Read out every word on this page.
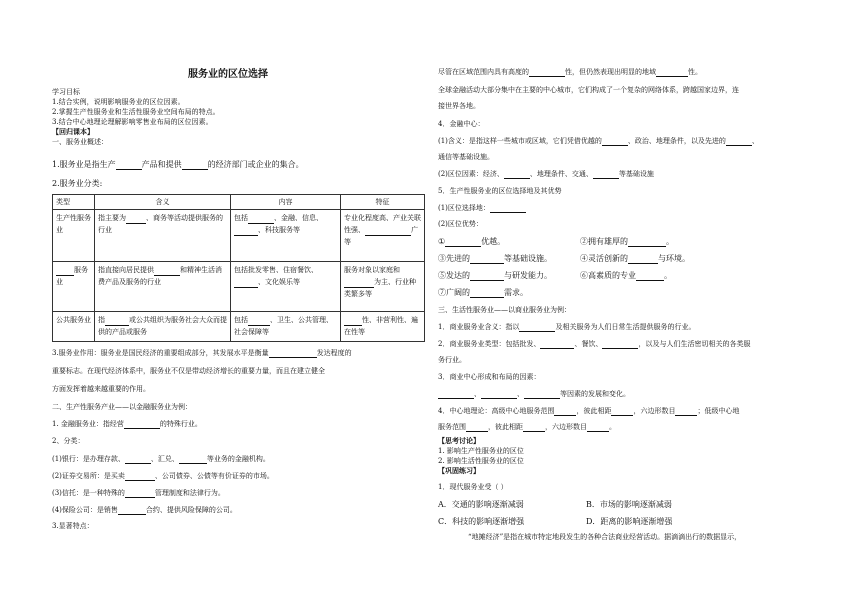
服务业的区位选择
学习目标
1.结合实例，说明影响服务业的区位因素。
2.掌握生产性服务业和生活性服务业空间布局的特点。
3.结合中心地理论理解影响零售业布局的区位因素。
【回归课本】
一、服务业概述：
1.服务业是指生产	产品和提供	的经济部门或企业的集合。
2.服务业分类:
类型	含义	内容	特征
生产性服务业	指主要为 、商务等活动提供服务的行业	包括 、金融、信息、、科技服务等	专业化程度高、产业关联性强、 广等
服务业	指直接向居民提供 和精神生活消费产品及服务的行业	包括批发零售、住宿餐饮、、文化娱乐等	服务对象以家庭和为主、行业种类繁多等
公共服务业	指 或公共组织为服务社会大众而提供的产品或服务	包括 、卫生、公共管理、社会保障等	性、非营利性、遍在性等
3.服务业作用：服务业是国民经济的重要组成部分，其发展水平是衡量	发达程度的
重要标志。在现代经济体系中，服务业不仅是带动经济增长的重要力量，而且在建立健全
方面发挥着越来越重要的作用。
二、生产性服务产业——以金融服务业为例：
1. 金融服务业：指经营	的特殊行业。
2、分类：
(1)银行：是办理存款、	、汇兑、	等业务的金融机构。
(2)证券交易所：是买卖	、公司债券、公债等有价证券的市场。
(3)信托：是一种特殊的	管理制度和法律行为。
(4)保险公司：是销售	合约、提供风险保障的公司。
3.显著特点：
尽管在区域范围内具有高度的	性，但仍然表现出明显的地域	性。
全球金融活动大部分集中在主要的中心城市，它们构成了一个复杂的网络体系，跨越国家边界，连
接世界各地。
4．金融中心：
(1)含义：是指这样一些城市或区域，它们凭借优越的	、政治、地理条件，以及先进的	、
通信等基础设施。
(2)区位因素：经济、	、地理条件、交通、	等基础设施
5．生产性服务业的区位选择地及其优势
(1)区位选择地：
(2)区位优势：
①	优越。	②拥有雄厚的	。
③先进的	等基础设施。	④灵活创新的	与环境。
⑤发达的	与研发能力。	⑥高素质的专业	。
⑦广阔的	需求。
三、生活性服务业——以商业服务业为例：
1．商业服务业含义：指以	及相关服务为人们日常生活提供服务的行业。
2．商业服务业类型：包括批发、	、餐饮、	，以及与人们生活密切相关的各类服
务行业。
3．商业中心形成和布局的因素：
、	、	等因素的发展和变化。
4．中心地理论：高级中心地服务范围	，彼此相距	，六边形数目	；低级中心地
服务范围	，彼此相距	，六边形数目	。
【思考讨论】
1. 影响生产性服务业的区位
2. 影响生活性服务业的区位
【巩固练习】
1．现代服务业受（ ）
A．交通的影响逐渐减弱	B．市场的影响逐渐减弱
C．科技的影响逐渐增强	D．距离的影响逐渐增强
“地摊经济”是指在城市特定地段发生的各种合法商业经营活动。据滴滴出行的数据显示，
